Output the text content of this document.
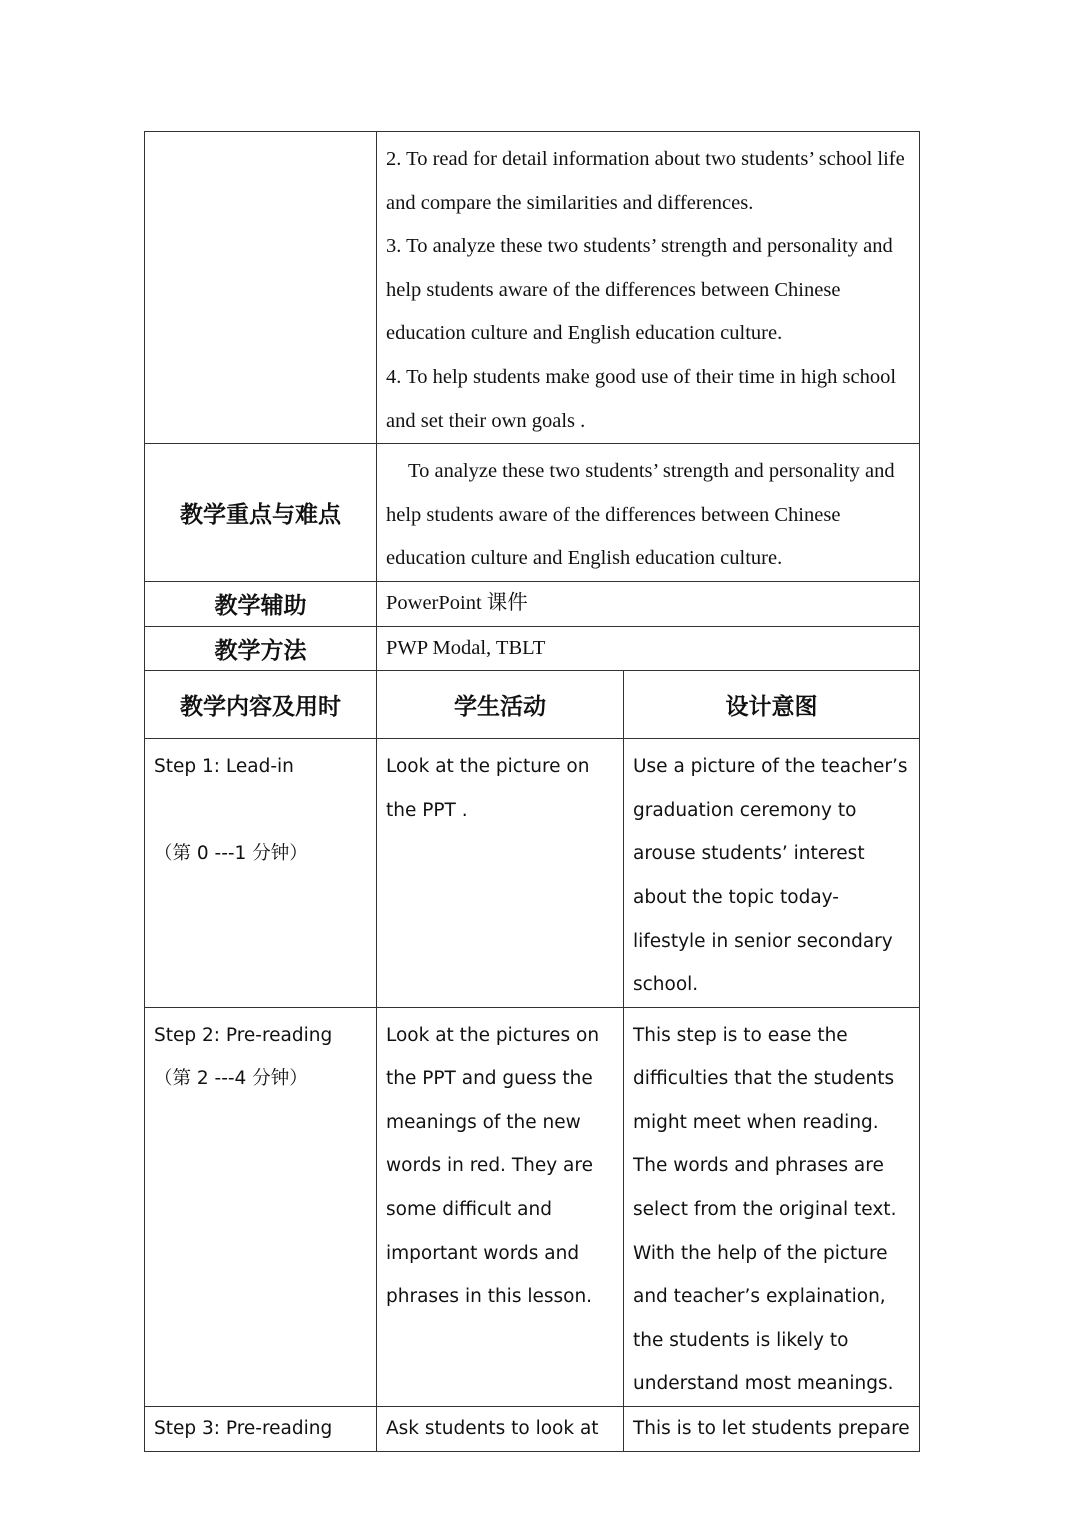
	2. To read for detail information about two students’ school life and compare the similarities and differences.
3. To analyze these two students’ strength and personality and help students aware of the differences between Chinese education culture and English education culture.
4. To help students make good use of their time in high school and set their own goals .	

教学重点与难点	To analyze these two students’ strength and personality and help students aware of the differences between Chinese education culture and English education culture.	

教学辅助	PowerPoint 课件	
教学方法	PWP Modal, TBLT	
教学内容及用时	学生活动	设计意图

Step 1: Lead-in

（第 0 ---1 分钟）	Look at the picture on the PPT .	Use a picture of the teacher’s graduation ceremony to arouse students’ interest about the topic today-lifestyle in senior secondary school.

Step 2: Pre-reading
（第 2 ---4 分钟）	Look at the pictures on the PPT and guess the meanings of the new words in red. They are some difficult and important words and phrases in this lesson.	This step is to ease the difficulties that the students might meet when reading. The words and phrases are select from the original text. With the help of the picture and teacher’s explaination, the students is likely to understand most meanings.
Step 3: Pre-reading	Ask students to look at	This is to let students prepare
